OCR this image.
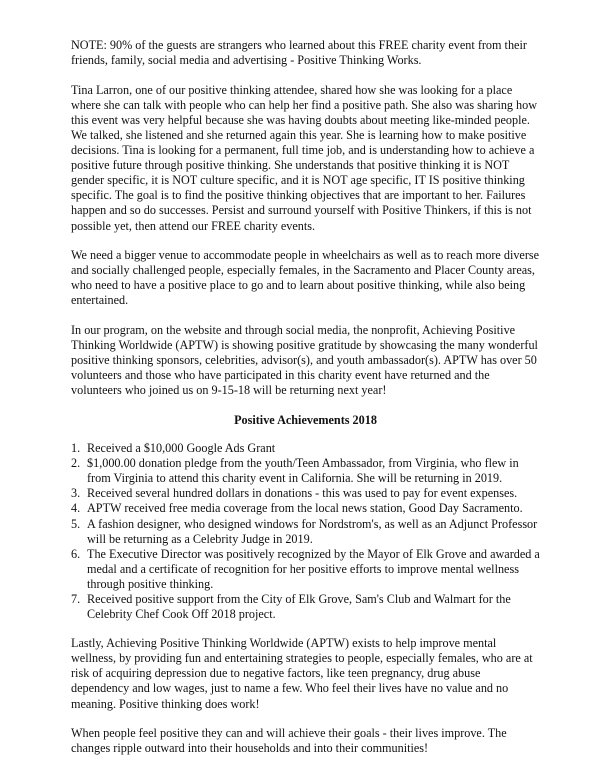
NOTE: 90% of the guests are strangers who learned about this FREE charity event from their friends, family, social media and advertising - Positive Thinking Works.

Tina Larron, one of our positive thinking attendee, shared how she was looking for a place where she can talk with people who can help her find a positive path. She also was sharing how this event was very helpful because she was having doubts about meeting like-minded people. We talked, she listened and she returned again this year. She is learning how to make positive decisions. Tina is looking for a permanent, full time job, and is understanding how to achieve a positive future through positive thinking. She understands that positive thinking it is NOT gender specific, it is NOT culture specific, and it is NOT age specific, IT IS positive thinking specific. The goal is to find the positive thinking objectives that are important to her. Failures happen and so do successes. Persist and surround yourself with Positive Thinkers, if this is not possible yet, then attend our FREE charity events.

We need a bigger venue to accommodate people in wheelchairs as well as to reach more diverse and socially challenged people, especially females, in the Sacramento and Placer County areas, who need to have a positive place to go and to learn about positive thinking, while also being entertained.

In our program, on the website and through social media, the nonprofit, Achieving Positive Thinking Worldwide (APTW) is showing positive gratitude by showcasing the many wonderful positive thinking sponsors, celebrities, advisor(s), and youth ambassador(s). APTW has over 50 volunteers and those who have participated in this charity event have returned and the volunteers who joined us on 9-15-18 will be returning next year!

Positive Achievements 2018
1. Received a $10,000 Google Ads Grant
2. $1,000.00 donation pledge from the youth/Teen Ambassador, from Virginia, who flew in from Virginia to attend this charity event in California. She will be returning in 2019.
3. Received several hundred dollars in donations - this was used to pay for event expenses.
4. APTW received free media coverage from the local news station, Good Day Sacramento.
5. A fashion designer, who designed windows for Nordstrom's, as well as an Adjunct Professor will be returning as a Celebrity Judge in 2019.
6. The Executive Director was positively recognized by the Mayor of Elk Grove and awarded a medal and a certificate of recognition for her positive efforts to improve mental wellness through positive thinking.
7. Received positive support from the City of Elk Grove, Sam's Club and Walmart for the Celebrity Chef Cook Off 2018 project.

Lastly, Achieving Positive Thinking Worldwide (APTW) exists to help improve mental wellness, by providing fun and entertaining strategies to people, especially females, who are at risk of acquiring depression due to negative factors, like teen pregnancy, drug abuse dependency and low wages, just to name a few. Who feel their lives have no value and no meaning. Positive thinking does work!

When people feel positive they can and will achieve their goals - their lives improve. The changes ripple outward into their households and into their communities!
